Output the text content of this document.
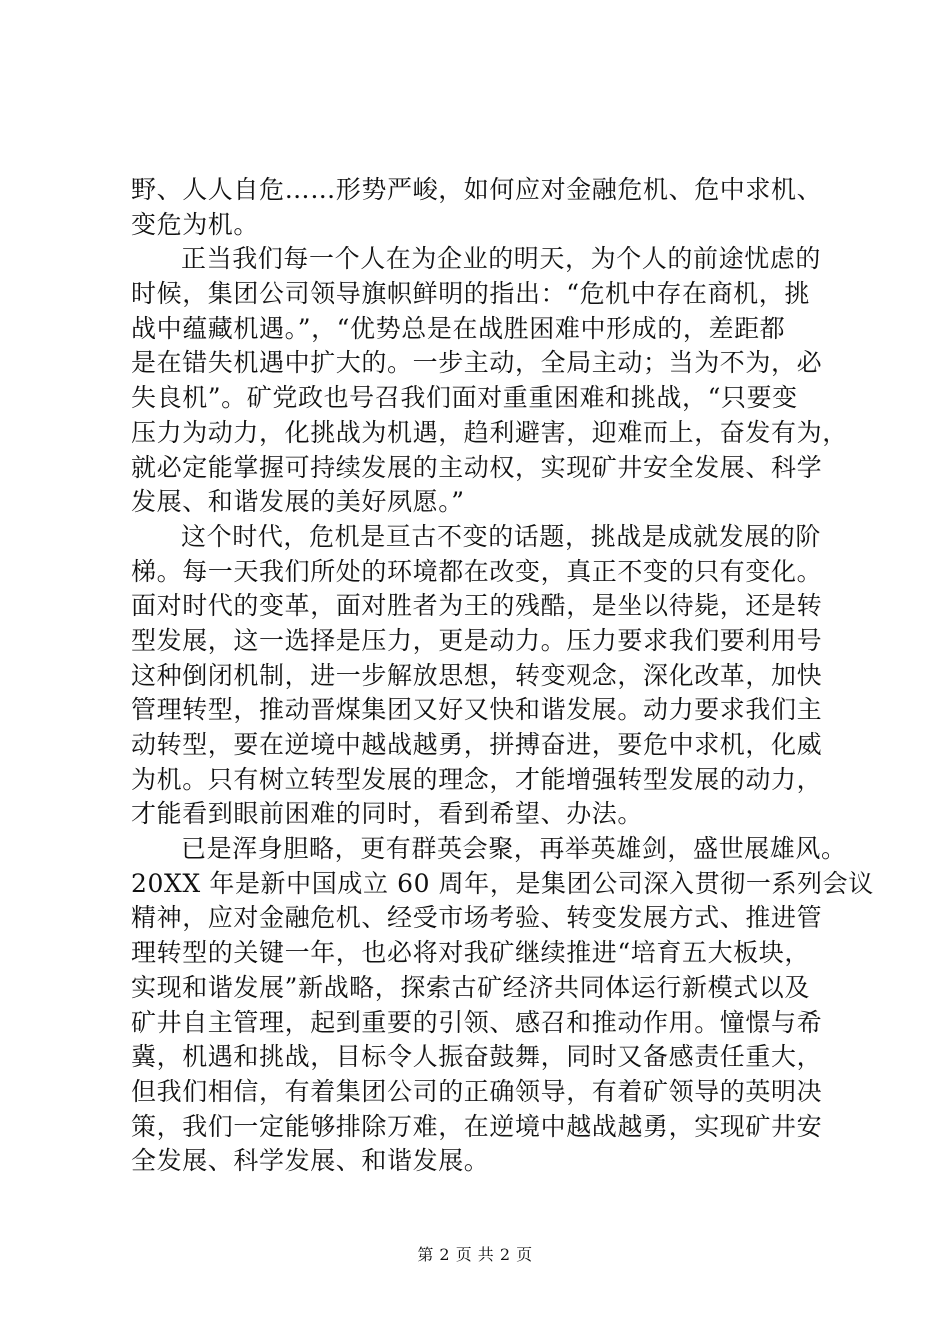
野、人人自危……形势严峻，如何应对金融危机、危中求机、
变危为机。
正当我们每一个人在为企业的明天，为个人的前途忧虑的
时候，集团公司领导旗帜鲜明的指出：“危机中存在商机，挑
战中蕴藏机遇。”，“优势总是在战胜困难中形成的，差距都
是在错失机遇中扩大的。一步主动，全局主动；当为不为，必
失良机”。矿党政也号召我们面对重重困难和挑战，“只要变
压力为动力，化挑战为机遇，趋利避害，迎难而上，奋发有为，
就必定能掌握可持续发展的主动权，实现矿井安全发展、科学
发展、和谐发展的美好夙愿。”
这个时代，危机是亘古不变的话题，挑战是成就发展的阶
梯。每一天我们所处的环境都在改变，真正不变的只有变化。
面对时代的变革，面对胜者为王的残酷，是坐以待毙，还是转
型发展，这一选择是压力，更是动力。压力要求我们要利用号
这种倒闭机制，进一步解放思想，转变观念，深化改革，加快
管理转型，推动晋煤集团又好又快和谐发展。动力要求我们主
动转型，要在逆境中越战越勇，拼搏奋进，要危中求机，化威
为机。只有树立转型发展的理念，才能增强转型发展的动力，
才能看到眼前困难的同时，看到希望、办法。
已是浑身胆略，更有群英会聚，再举英雄剑，盛世展雄风。
20XX 年是新中国成立 60 周年，是集团公司深入贯彻一系列会议
精神，应对金融危机、经受市场考验、转变发展方式、推进管
理转型的关键一年，也必将对我矿继续推进“培育五大板块，
实现和谐发展”新战略，探索古矿经济共同体运行新模式以及
矿井自主管理，起到重要的引领、感召和推动作用。憧憬与希
冀，机遇和挑战，目标令人振奋鼓舞，同时又备感责任重大，
但我们相信，有着集团公司的正确领导，有着矿领导的英明决
策，我们一定能够排除万难，在逆境中越战越勇，实现矿井安
全发展、科学发展、和谐发展。
第 2 页 共 2 页
